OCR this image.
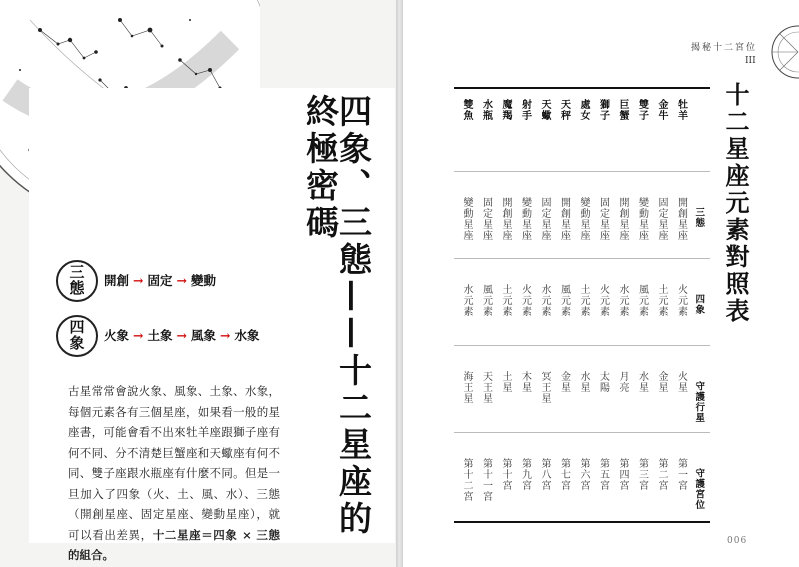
四象、三態——十二星座的終極密碼
三
態 開創 → 固定 → 變動
四
象 火象 → 土象 → 風象 → 水象
古星常常會說火象、風象、土象、水象，每個元素各有三個星座，如果看一般的星座書，可能會看不出來牡羊座跟獅子座有何不同、分不清楚巨蟹座和天蠍座有何不同、雙子座跟水瓶座有什麼不同。但是一旦加入了四象（火、土、風、水）、三態（開創星座、固定星座、變動星座），就可以看出差異，十二星座＝四象 × 三態的組合。
揭秘十二宮位
III
十二星座元素對照表
三態
四象
守護行星
守護宮位
牡羊
開創星座
火元素
火星
第一宮
金牛
固定星座
土元素
金星
第二宮
雙子
變動星座
風元素
水星
第三宮
巨蟹
開創星座
水元素
月亮
第四宮
獅子
固定星座
火元素
太陽
第五宮
處女
變動星座
土元素
水星
第六宮
天秤
開創星座
風元素
金星
第七宮
天蠍
固定星座
水元素
冥王星
第八宮
射手
變動星座
火元素
木星
第九宮
魔羯
開創星座
土元素
土星
第十宮
水瓶
固定星座
風元素
天王星
第十一宮
雙魚
變動星座
水元素
海王星
第十二宮
006
